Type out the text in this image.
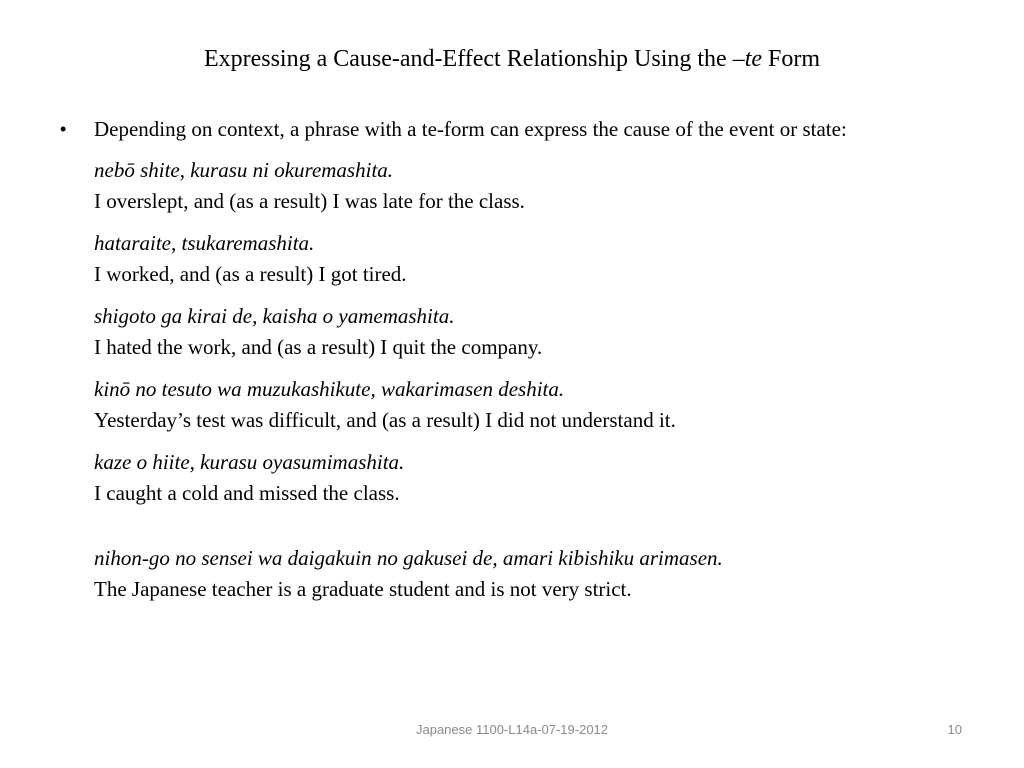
Expressing a Cause-and-Effect Relationship Using the –te Form
• Depending on context, a phrase with a te-form can express the cause of the event or state:
nebō shite, kurasu ni okuremashita.
I overslept, and (as a result) I was late for the class.
hataraite, tsukaremashita.
I worked, and (as a result) I got tired.
shigoto ga kirai de, kaisha o yamemashita.
I hated the work, and (as a result) I quit the company.
kinō no tesuto wa muzukashikute, wakarimasen deshita.
Yesterday’s test was difficult, and (as a result) I did not understand it.
kaze o hiite, kurasu oyasumimashita.
I caught a cold and missed the class.
nihon-go no sensei wa daigakuin no gakusei de, amari kibishiku arimasen.
The Japanese teacher is a graduate student and is not very strict.
Japanese 1100-L14a-07-19-2012	10
